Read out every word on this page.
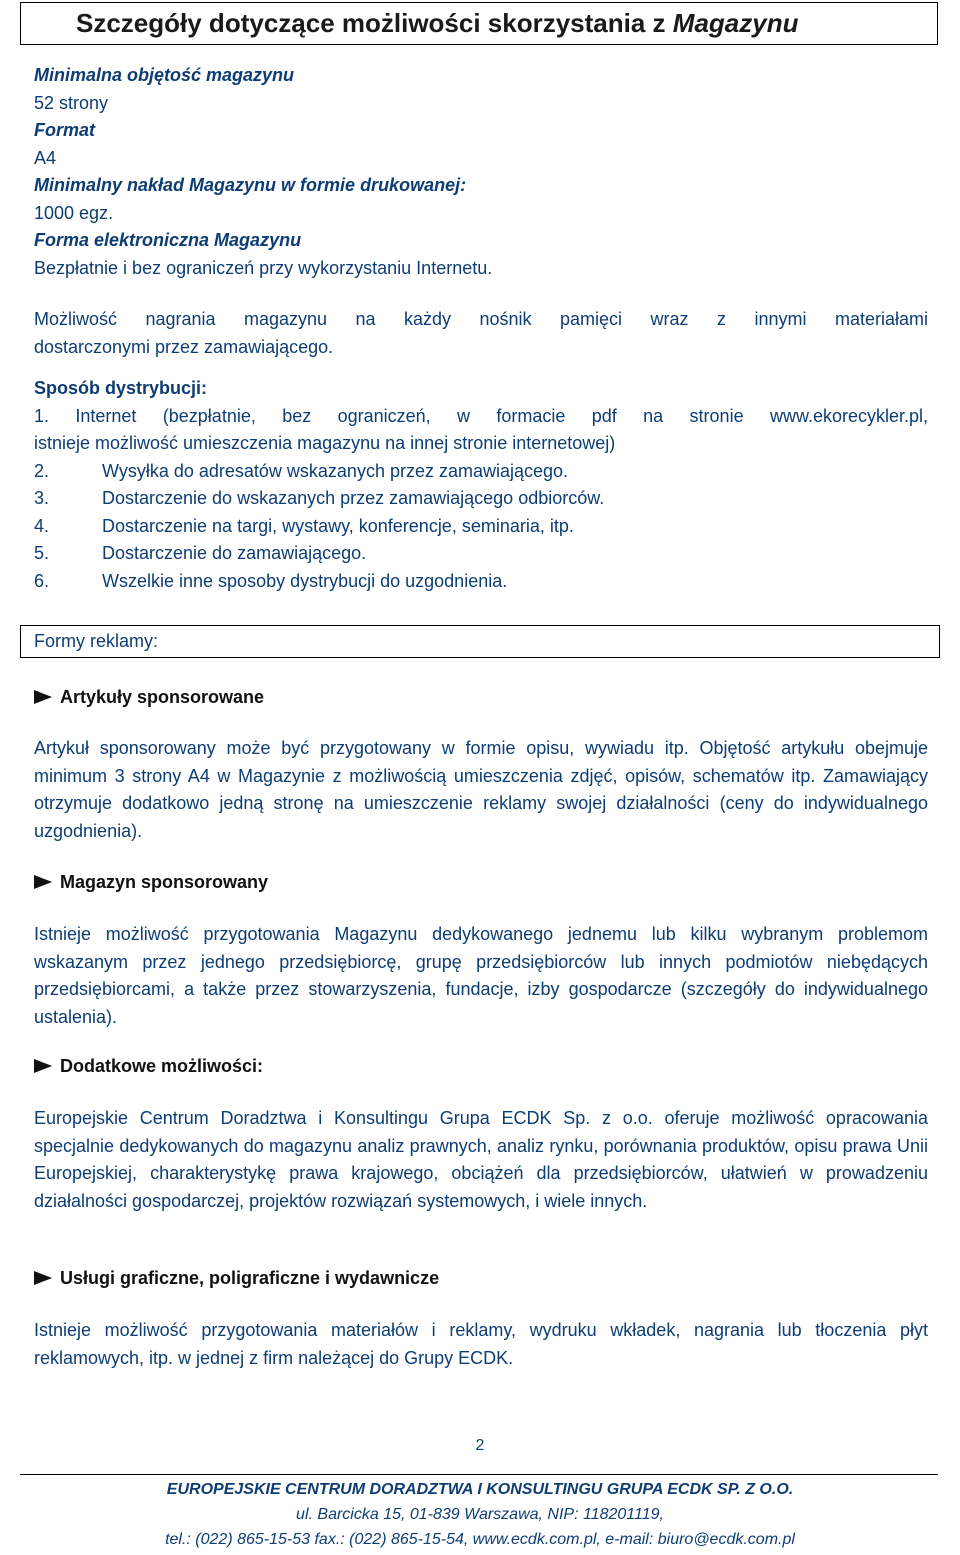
Szczegóły dotyczące możliwości skorzystania z Magazynu
Minimalna objętość magazynu
52 strony
Format
A4
Minimalny nakład Magazynu w formie drukowanej:
1000 egz.
Forma elektroniczna Magazynu
Bezpłatnie i bez ograniczeń przy wykorzystaniu Internetu.
Możliwość nagrania magazynu na każdy nośnik pamięci wraz z innymi materiałami
dostarczonymi przez zamawiającego.
Sposób dystrybucji:
1. Internet (bezpłatnie, bez ograniczeń, w formacie pdf na stronie www.ekorecykler.pl,
istnieje możliwość umieszczenia magazynu na innej stronie internetowej)
2.	Wysyłka do adresatów wskazanych przez zamawiającego.
3.	Dostarczenie do wskazanych przez zamawiającego odbiorców.
4.	Dostarczenie na targi, wystawy, konferencje, seminaria, itp.
5.	Dostarczenie do zamawiającego.
6.	Wszelkie inne sposoby dystrybucji do uzgodnienia.
Formy reklamy:
Artykuły sponsorowane
Artykuł sponsorowany może być przygotowany w formie opisu, wywiadu itp. Objętość artykułu obejmuje minimum 3 strony A4 w Magazynie z możliwością umieszczenia zdjęć, opisów, schematów itp. Zamawiający otrzymuje dodatkowo jedną stronę na umieszczenie reklamy swojej działalności (ceny do indywidualnego uzgodnienia).
Magazyn sponsorowany
Istnieje możliwość przygotowania Magazynu dedykowanego jednemu lub kilku wybranym problemom wskazanym przez jednego przedsiębiorcę, grupę przedsiębiorców lub innych podmiotów niebędących przedsiębiorcami, a także przez stowarzyszenia, fundacje, izby gospodarcze (szczegóły do indywidualnego ustalenia).
Dodatkowe możliwości:
Europejskie Centrum Doradztwa i Konsultingu Grupa ECDK Sp. z o.o. oferuje możliwość opracowania specjalnie dedykowanych do magazynu analiz prawnych, analiz rynku, porównania produktów, opisu prawa Unii Europejskiej, charakterystykę prawa krajowego, obciążeń dla przedsiębiorców, ułatwień w prowadzeniu działalności gospodarczej, projektów rozwiązań systemowych, i wiele innych.
Usługi graficzne, poligraficzne i wydawnicze
Istnieje możliwość przygotowania materiałów i reklamy, wydruku wkładek, nagrania lub tłoczenia płyt reklamowych, itp. w jednej z firm należącej do Grupy ECDK.
2
EUROPEJSKIE CENTRUM DORADZTWA I KONSULTINGU GRUPA ECDK SP. Z O.O.
ul. Barcicka 15, 01-839 Warszawa, NIP: 118201119,
tel.: (022) 865-15-53 fax.: (022) 865-15-54, www.ecdk.com.pl, e-mail: biuro@ecdk.com.pl
